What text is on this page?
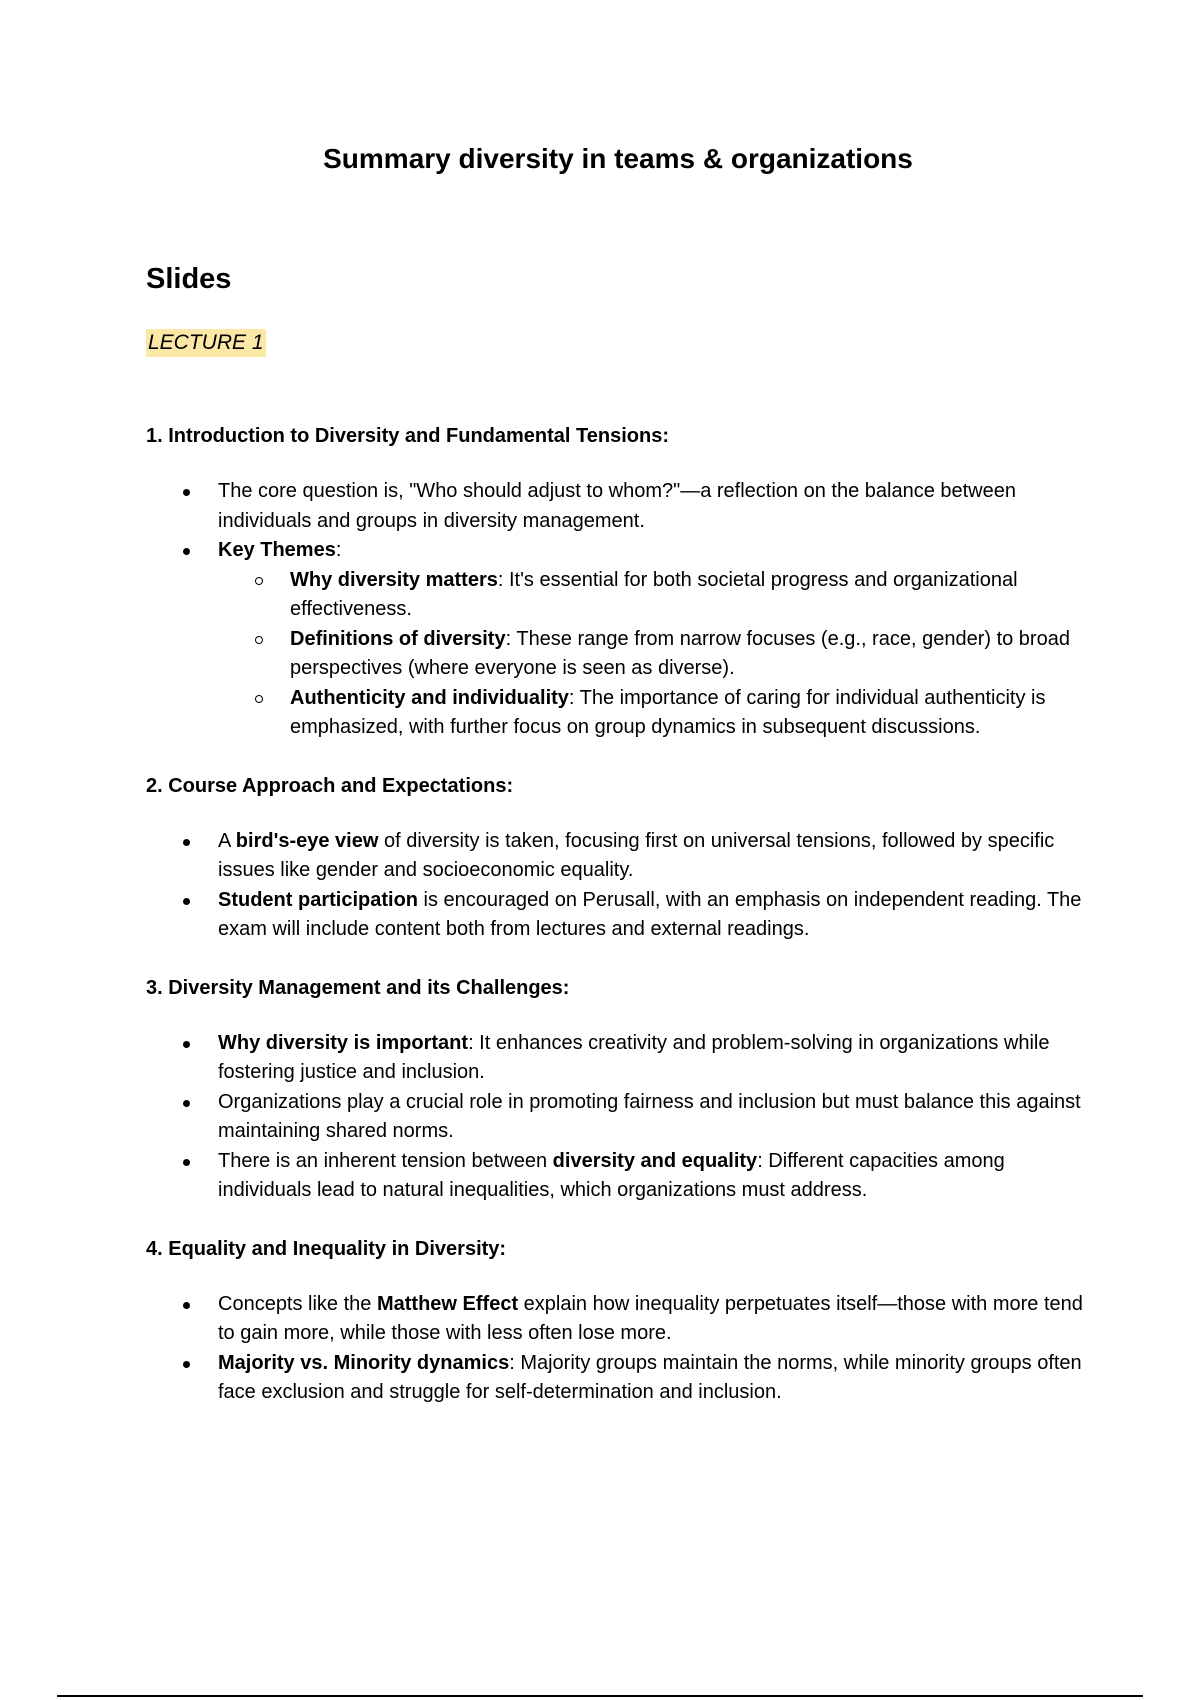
Summary diversity in teams & organizations
Slides
LECTURE 1
1. Introduction to Diversity and Fundamental Tensions:
The core question is, "Who should adjust to whom?"—a reflection on the balance between individuals and groups in diversity management.
Key Themes:
Why diversity matters: It's essential for both societal progress and organizational effectiveness.
Definitions of diversity: These range from narrow focuses (e.g., race, gender) to broad perspectives (where everyone is seen as diverse).
Authenticity and individuality: The importance of caring for individual authenticity is emphasized, with further focus on group dynamics in subsequent discussions.
2. Course Approach and Expectations:
A bird's-eye view of diversity is taken, focusing first on universal tensions, followed by specific issues like gender and socioeconomic equality.
Student participation is encouraged on Perusall, with an emphasis on independent reading. The exam will include content both from lectures and external readings.
3. Diversity Management and its Challenges:
Why diversity is important: It enhances creativity and problem-solving in organizations while fostering justice and inclusion.
Organizations play a crucial role in promoting fairness and inclusion but must balance this against maintaining shared norms.
There is an inherent tension between diversity and equality: Different capacities among individuals lead to natural inequalities, which organizations must address.
4. Equality and Inequality in Diversity:
Concepts like the Matthew Effect explain how inequality perpetuates itself—those with more tend to gain more, while those with less often lose more.
Majority vs. Minority dynamics: Majority groups maintain the norms, while minority groups often face exclusion and struggle for self-determination and inclusion.
